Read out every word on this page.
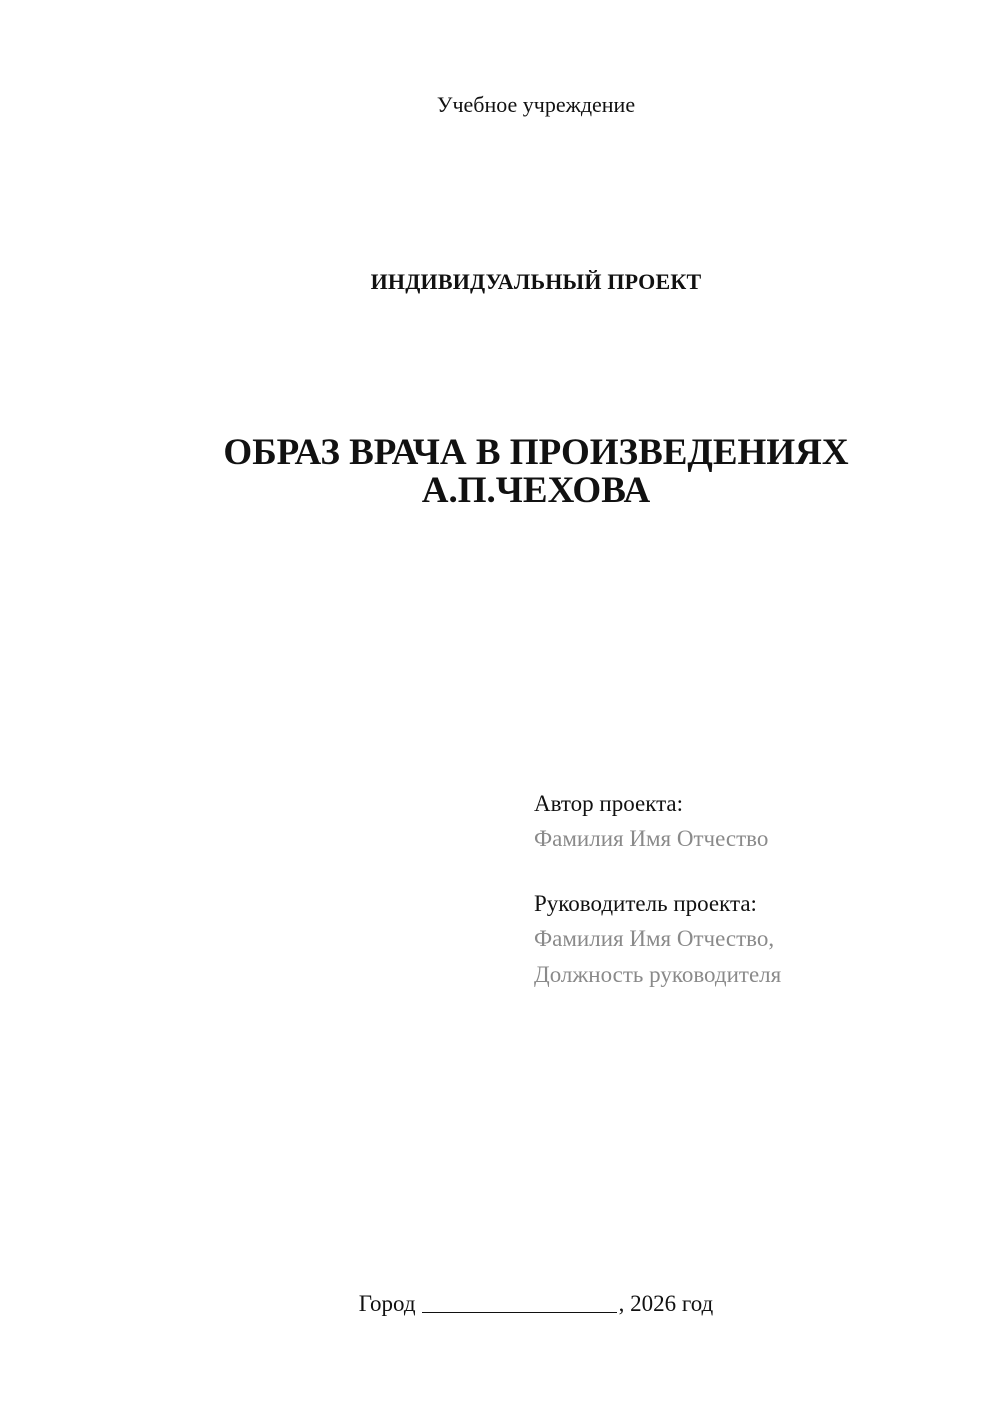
Учебное учреждение
ИНДИВИДУАЛЬНЫЙ ПРОЕКТ
ОБРАЗ ВРАЧА В ПРОИЗВЕДЕНИЯХ
А.П.ЧЕХОВА
Автор проекта:
Фамилия Имя Отчество
Руководитель проекта:
Фамилия Имя Отчество,
Должность руководителя
Город	, 2026 год
